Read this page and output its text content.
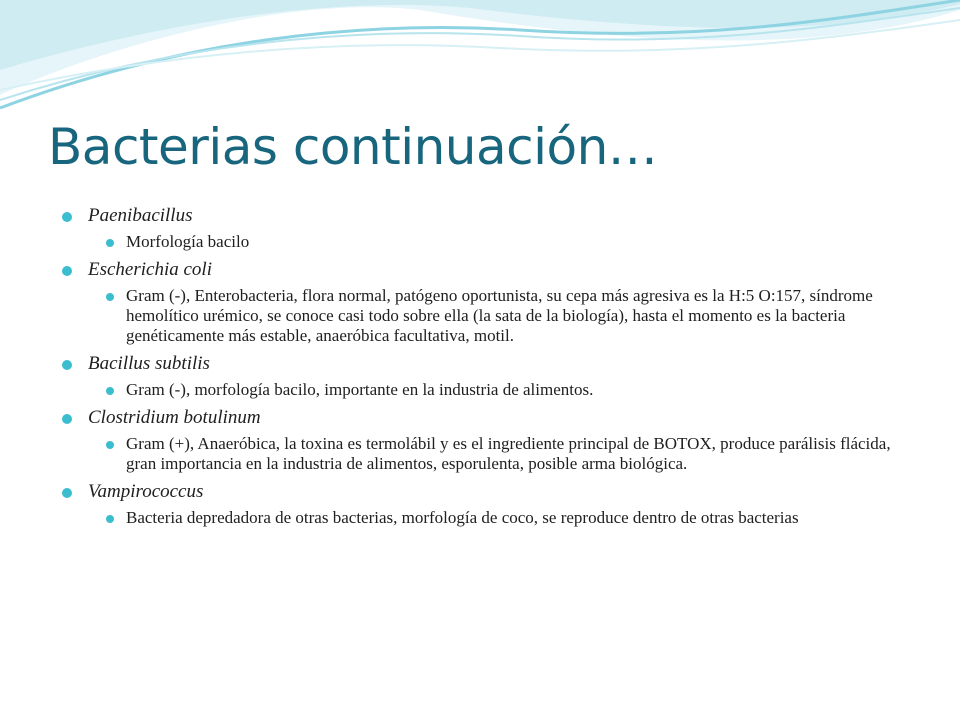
Bacterias continuación…
Paenibacillus
Morfología bacilo
Escherichia coli
Gram (-), Enterobacteria, flora normal, patógeno oportunista, su cepa más agresiva es la H:5 O:157, síndrome hemolítico urémico, se conoce casi todo sobre ella (la sata de la biología), hasta el momento es la bacteria genéticamente más estable, anaeróbica facultativa, motil.
Bacillus subtilis
Gram (-), morfología bacilo, importante en la industria de alimentos.
Clostridium botulinum
Gram (+), Anaeróbica, la toxina es termolábil y es el ingrediente principal de BOTOX, produce parálisis flácida, gran importancia en la industria de alimentos, esporulenta, posible arma biológica.
Vampirococcus
Bacteria depredadora de otras bacterias, morfología de coco, se reproduce dentro de otras bacterias
